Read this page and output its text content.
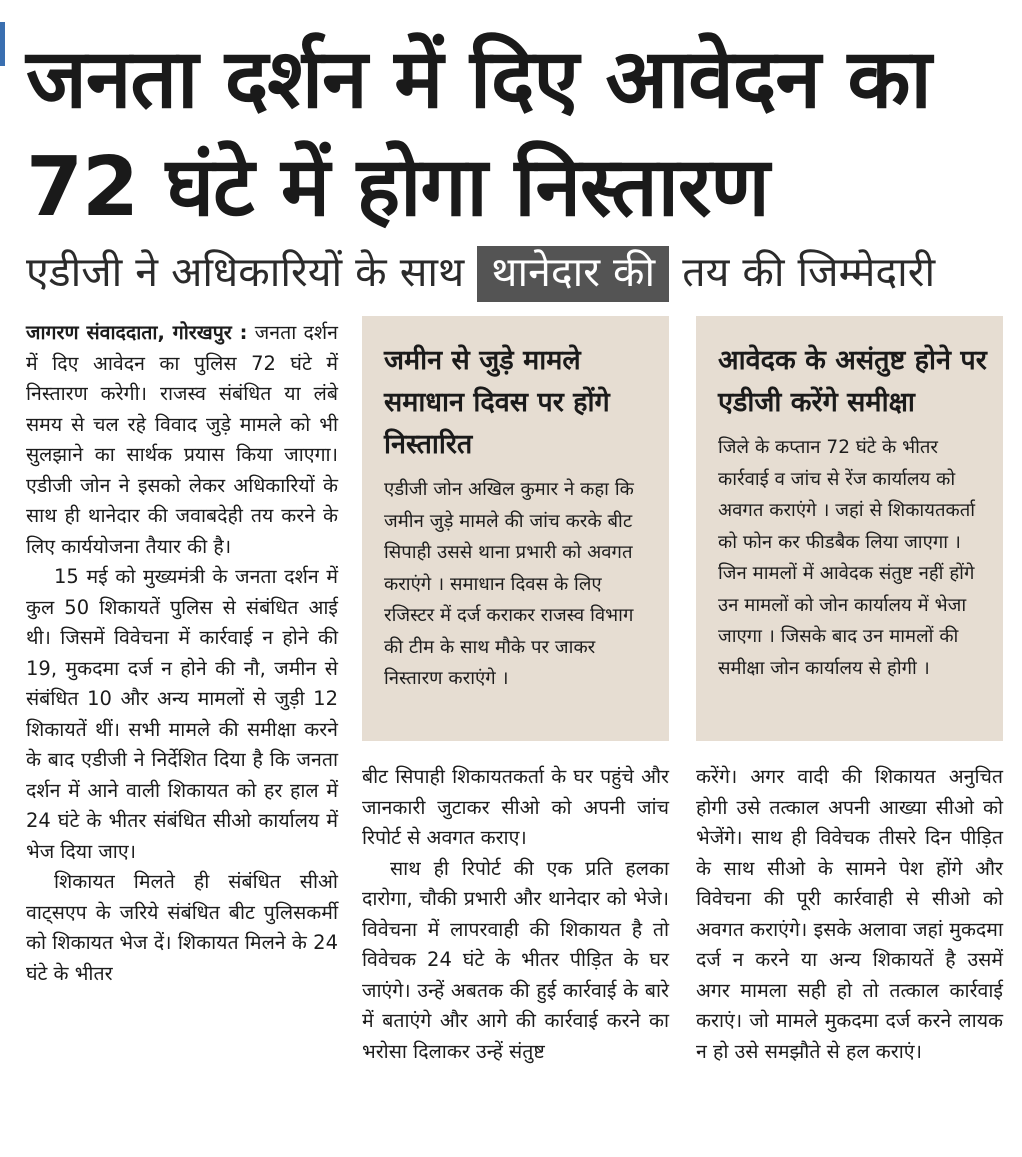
जनता दर्शन में दिए आवेदन का 72 घंटे में होगा निस्तारण
एडीजी ने अधिकारियों के साथ थानेदार की तय की जिम्मेदारी

जागरण संवाददाता, गोरखपुर : जनता दर्शन में दिए आवेदन का पुलिस 72 घंटे में निस्तारण करेगी। राजस्व संबंधित या लंबे समय से चल रहे विवाद जुड़े मामले को भी सुलझाने का सार्थक प्रयास किया जाएगा। एडीजी जोन ने इसको लेकर अधिकारियों के साथ ही थानेदार की जवाबदेही तय करने के लिए कार्ययोजना तैयार की है।

15 मई को मुख्यमंत्री के जनता दर्शन में कुल 50 शिकायतें पुलिस से संबंधित आई थी। जिसमें विवेचना में कार्रवाई न होने की 19, मुकदमा दर्ज न होने की नौ, जमीन से संबंधित 10 और अन्य मामलों से जुड़ी 12 शिकायतें थीं। सभी मामले की समीक्षा करने के बाद एडीजी ने निर्देशित दिया है कि जनता दर्शन में आने वाली शिकायत को हर हाल में 24 घंटे के भीतर संबंधित सीओ कार्यालय में भेज दिया जाए।

शिकायत मिलते ही संबंधित सीओ वाट्सएप के जरिये संबंधित बीट पुलिसकर्मी को शिकायत भेज दें। शिकायत मिलने के 24 घंटे के भीतर

जमीन से जुड़े मामले समाधान दिवस पर होंगे निस्तारित

एडीजी जोन अखिल कुमार ने कहा कि जमीन जुड़े मामले की जांच करके बीट सिपाही उससे थाना प्रभारी को अवगत कराएंगे । समाधान दिवस के लिए रजिस्टर में दर्ज कराकर राजस्व विभाग की टीम के साथ मौके पर जाकर निस्तारण कराएंगे ।

आवेदक के असंतुष्ट होने पर एडीजी करेंगे समीक्षा

जिले के कप्तान 72 घंटे के भीतर कार्रवाई व जांच से रेंज कार्यालय को अवगत कराएंगे । जहां से शिकायतकर्ता को फोन कर फीडबैक लिया जाएगा । जिन मामलों में आवेदक संतुष्ट नहीं होंगे उन मामलों को जोन कार्यालय में भेजा जाएगा । जिसके बाद उन मामलों की समीक्षा जोन कार्यालय से होगी ।

बीट सिपाही शिकायतकर्ता के घर पहुंचे और जानकारी जुटाकर सीओ को अपनी जांच रिपोर्ट से अवगत कराए।

साथ ही रिपोर्ट की एक प्रति हलका दारोगा, चौकी प्रभारी और थानेदार को भेजे। विवेचना में लापरवाही की शिकायत है तो विवेचक 24 घंटे के भीतर पीड़ित के घर जाएंगे। उन्हें अबतक की हुई कार्रवाई के बारे में बताएंगे और आगे की कार्रवाई करने का भरोसा दिलाकर उन्हें संतुष्ट

करेंगे। अगर वादी की शिकायत अनुचित होगी उसे तत्काल अपनी आख्या सीओ को भेजेंगे। साथ ही विवेचक तीसरे दिन पीड़ित के साथ सीओ के सामने पेश होंगे और विवेचना की पूरी कार्रवाही से सीओ को अवगत कराएंगे। इसके अलावा जहां मुकदमा दर्ज न करने या अन्य शिकायतें है उसमें अगर मामला सही हो तो तत्काल कार्रवाई कराएं। जो मामले मुकदमा दर्ज करने लायक न हो उसे समझौते से हल कराएं।
